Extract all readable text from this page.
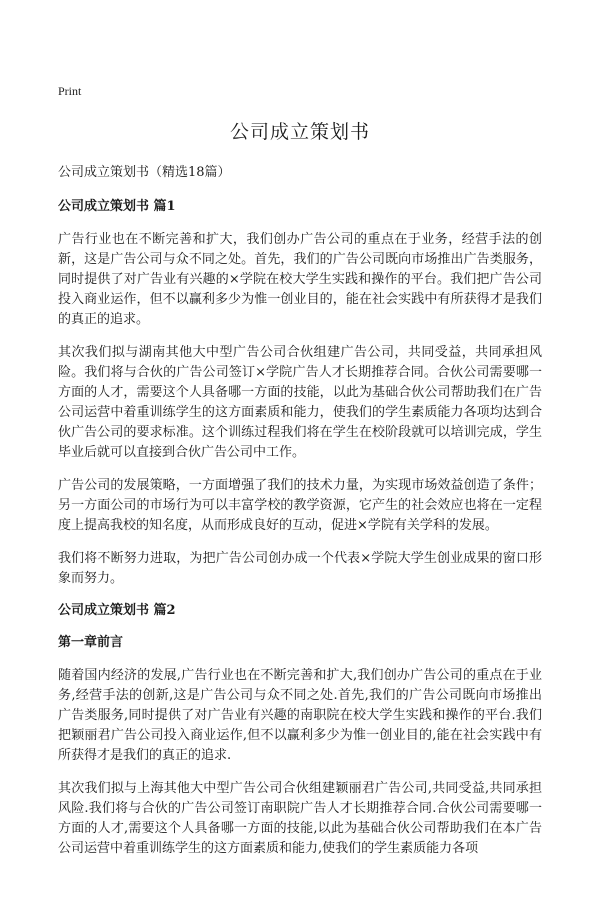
Print
公司成立策划书
公司成立策划书（精选18篇）
公司成立策划书 篇1

广告行业也在不断完善和扩大，我们创办广告公司的重点在于业务，经营手法的创新，这是广告公司与众不同之处。首先，我们的广告公司既向市场推出广告类服务，同时提供了对广告业有兴趣的×学院在校大学生实践和操作的平台。我们把广告公司投入商业运作，但不以赢利多少为惟一创业目的，能在社会实践中有所获得才是我们的真正的追求。

其次我们拟与湖南其他大中型广告公司合伙组建广告公司，共同受益，共同承担风险。我们将与合伙的广告公司签订×学院广告人才长期推荐合同。合伙公司需要哪一方面的人才，需要这个人具备哪一方面的技能，以此为基础合伙公司帮助我们在广告公司运营中着重训练学生的这方面素质和能力，使我们的学生素质能力各项均达到合伙广告公司的要求标准。这个训练过程我们将在学生在校阶段就可以培训完成，学生毕业后就可以直接到合伙广告公司中工作。

广告公司的发展策略，一方面增强了我们的技术力量，为实现市场效益创造了条件；另一方面公司的市场行为可以丰富学校的教学资源，它产生的社会效应也将在一定程度上提高我校的知名度，从而形成良好的互动，促进×学院有关学科的发展。

我们将不断努力进取，为把广告公司创办成一个代表×学院大学生创业成果的窗口形象而努力。

公司成立策划书 篇2
第一章前言

随着国内经济的发展,广告行业也在不断完善和扩大,我们创办广告公司的重点在于业务,经营手法的创新,这是广告公司与众不同之处.首先,我们的广告公司既向市场推出广告类服务,同时提供了对广告业有兴趣的南职院在校大学生实践和操作的平台.我们把颖丽君广告公司投入商业运作,但不以赢利多少为惟一创业目的,能在社会实践中有所获得才是我们的真正的追求.

其次我们拟与上海其他大中型广告公司合伙组建颖丽君广告公司,共同受益,共同承担风险.我们将与合伙的广告公司签订南职院广告人才长期推荐合同.合伙公司需要哪一方面的人才,需要这个人具备哪一方面的技能,以此为基础合伙公司帮助我们在本广告公司运营中着重训练学生的这方面素质和能力,使我们的学生素质能力各项
